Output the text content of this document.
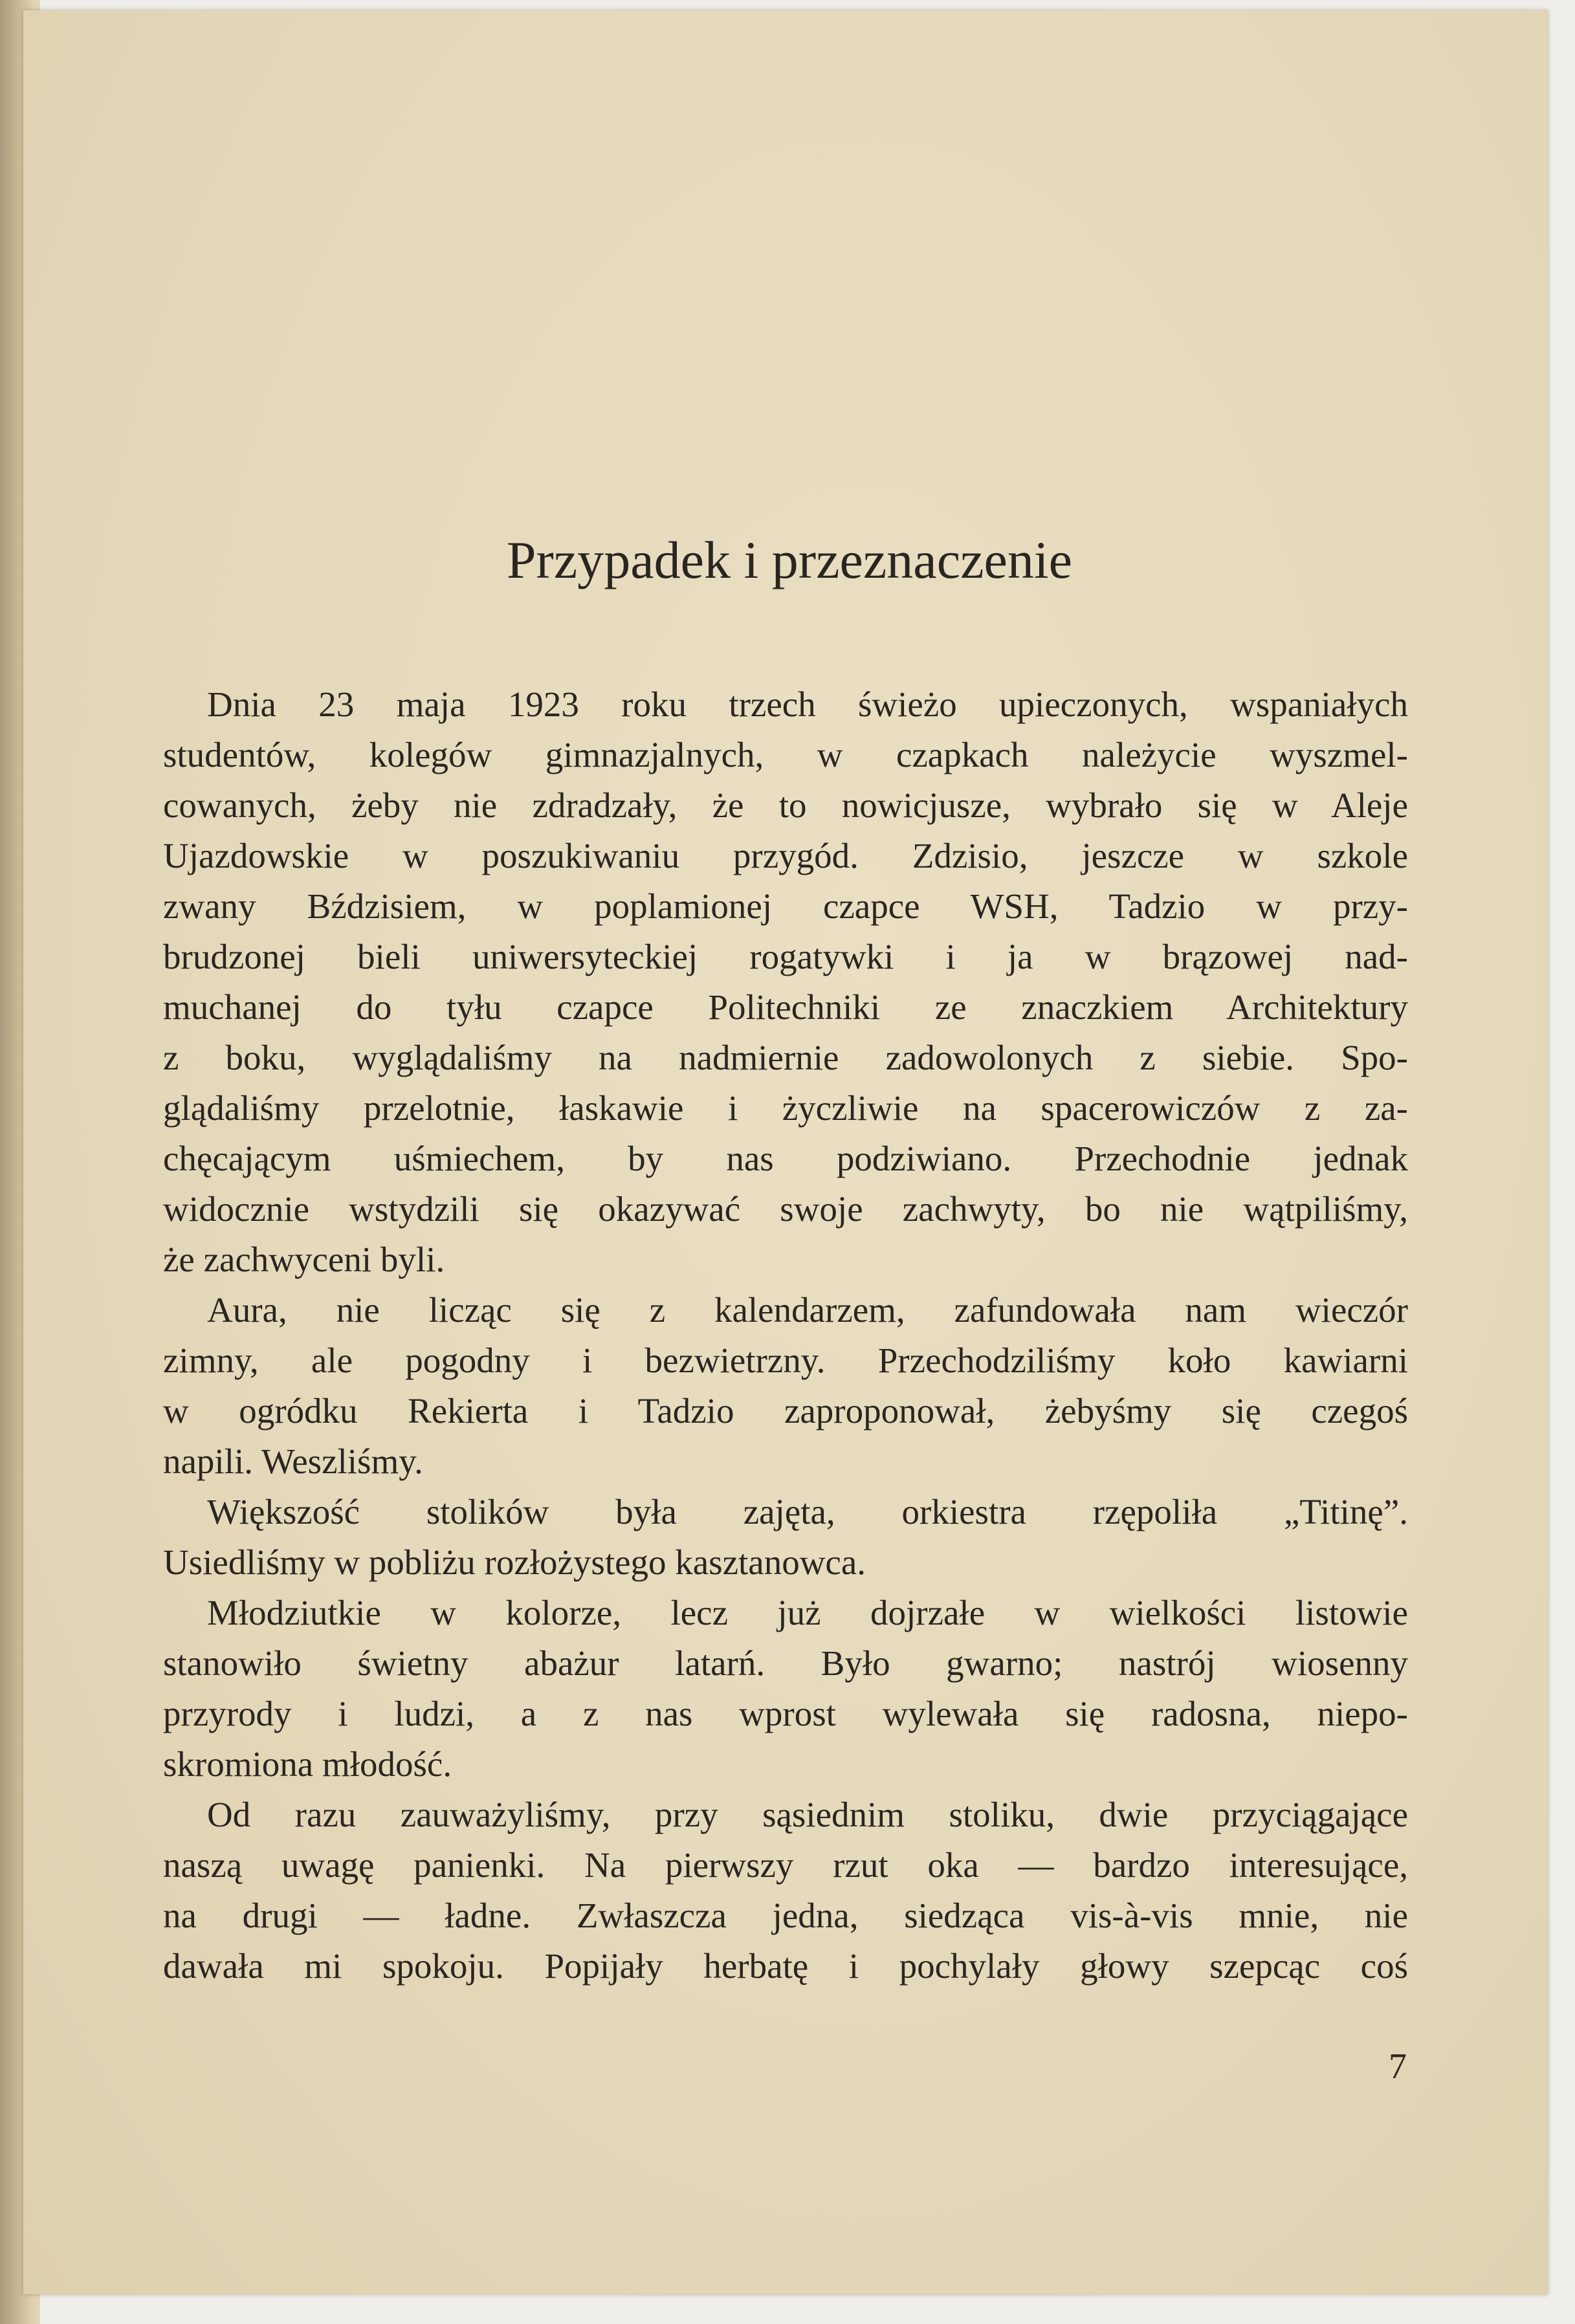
Przypadek i przeznaczenie

Dnia 23 maja 1923 roku trzech świeżo upieczonych, wspaniałych
studentów, kolegów gimnazjalnych, w czapkach należycie wyszmel-
cowanych, żeby nie zdradzały, że to nowicjusze, wybrało się w Aleje
Ujazdowskie w poszukiwaniu przygód. Zdzisio, jeszcze w szkole
zwany Bździsiem, w poplamionej czapce WSH, Tadzio w przy-
brudzonej bieli uniwersyteckiej rogatywki i ja w brązowej nad-
muchanej do tyłu czapce Politechniki ze znaczkiem Architektury
z boku, wyglądaliśmy na nadmiernie zadowolonych z siebie. Spo-
glądaliśmy przelotnie, łaskawie i życzliwie na spacerowiczów z za-
chęcającym uśmiechem, by nas podziwiano. Przechodnie jednak
widocznie wstydzili się okazywać swoje zachwyty, bo nie wątpiliśmy,
że zachwyceni byli.

Aura, nie licząc się z kalendarzem, zafundowała nam wieczór
zimny, ale pogodny i bezwietrzny. Przechodziliśmy koło kawiarni
w ogródku Rekierta i Tadzio zaproponował, żebyśmy się czegoś
napili. Weszliśmy.

Większość stolików była zajęta, orkiestra rzępoliła „Titinę”.
Usiedliśmy w pobliżu rozłożystego kasztanowca.

Młodziutkie w kolorze, lecz już dojrzałe w wielkości listowie
stanowiło świetny abażur latarń. Było gwarno; nastrój wiosenny
przyrody i ludzi, a z nas wprost wylewała się radosna, niepo-
skromiona młodość.

Od razu zauważyliśmy, przy sąsiednim stoliku, dwie przyciągające
naszą uwagę panienki. Na pierwszy rzut oka — bardzo interesujące,
na drugi — ładne. Zwłaszcza jedna, siedząca vis-à-vis mnie, nie
dawała mi spokoju. Popijały herbatę i pochylały głowy szepcąc coś

7
